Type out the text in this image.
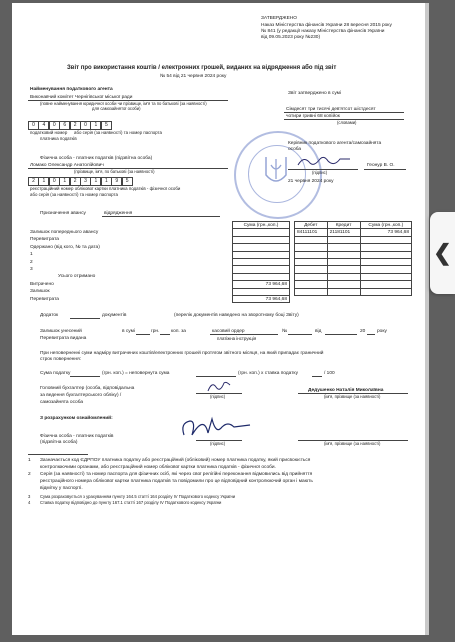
ЗАТВЕРДЖЕНО
Наказ Міністерства фінансів України 28 вересня 2015 року
№ 841 (у редакції наказу Міністерства фінансів України
від 09.05.2023 року №230)
Звіт про використання коштів / електронних грошей, виданих на відрядження або під звіт
№ 54 від 21 червня 2024 року
Найменування податкового агента
Виконавчий комітет Чернігівської міської ради
(повне найменування юридичної особи чи прізвище, ім'я та по батькові (за наявності)
для самозайнятої особи)
Звіт затверджено в сумі
Сімдесят три тисячі дев'ятсот шістдесят
чотири гривні 68 копійок
(словами)
0	4	0	6	2	0	1	5
податковий номер або серія (за наявності) та номер паспорта
платника податків
Керівник податкового агента/самозайнята
особа
(підпис)
Геонур В. О.
Фізична особа - платник податків (підзвітна особа)
Ломако Олександр Анатолійович
(прізвище, ім'я, по батькові (за наявності)
2	1	0	1	2	3	1	1	9	5
реєстраційний номер облікової картки платника податків - фізичної особи
або серія (за наявності) та номер паспорта
21 червня 2024 року
Призначення авансу	відрядження
	Сума (грн.,коп.)
Залишок попереднього авансу	
Перевитрата	
Одержано (від кого, № та дата)	
1	
2	
3	
Усього отримано	
Витрачено	73 964,68
Залишок	
Перевитрата	73 964,68
Дебет	Кредит	Сума (грн.,коп.)
84111101	21181101	73 964,68

Додаток	документів	(перелік документів наведено на зворотному боці Звіту)
Залишок унесений	в сумі	грн. коп. за	касовий ордер	№	від	20 року
Перевитрата видана	платіжна інструкція
При неповерненні суми надміру витрачених коштів/електронних грошей протягом звітного місяця, на який припадає граничний
строк повернення:
Сума податку	(грн. коп.) = неповернута сума	(грн. коп.) х ставка податку	/ 100
Головний бухгалтер (особа, відповідальна
за ведення бухгалтерського обліку) /
самозайнята особа
(підпис)
Дедушенко Наталія Миколаївна
(ім'я, прізвище (за наявності)
З розрахунком ознайомлений:
Фізична особа - платник податків
(підзвітна особа)	(підпис)	(ім'я, прізвище (за наявності)
1 Зазначається код ЄДРПОУ платника податку або реєстраційний (обліковий) номер платника податку, який присвоюється
контролюючими органами, або реєстраційний номер облікової картки платника податків - фізичної особи.
2 Серія (за наявності) та номер паспорта для фізичних осіб, які через свої релігійні переконання відмовились від прийняття
реєстраційного номера облікової картки платника податків та повідомили про це відповідний контролюючий орган і мають
відмітку у паспорті.
3 Сума розраховується з урахуванням пункту 164.5 статті 164 розділу IV Податкового кодексу України
4 Ставка податку відповідно до пункту 167.1 статті 167 розділу IV Податкового кодексу України
❮
